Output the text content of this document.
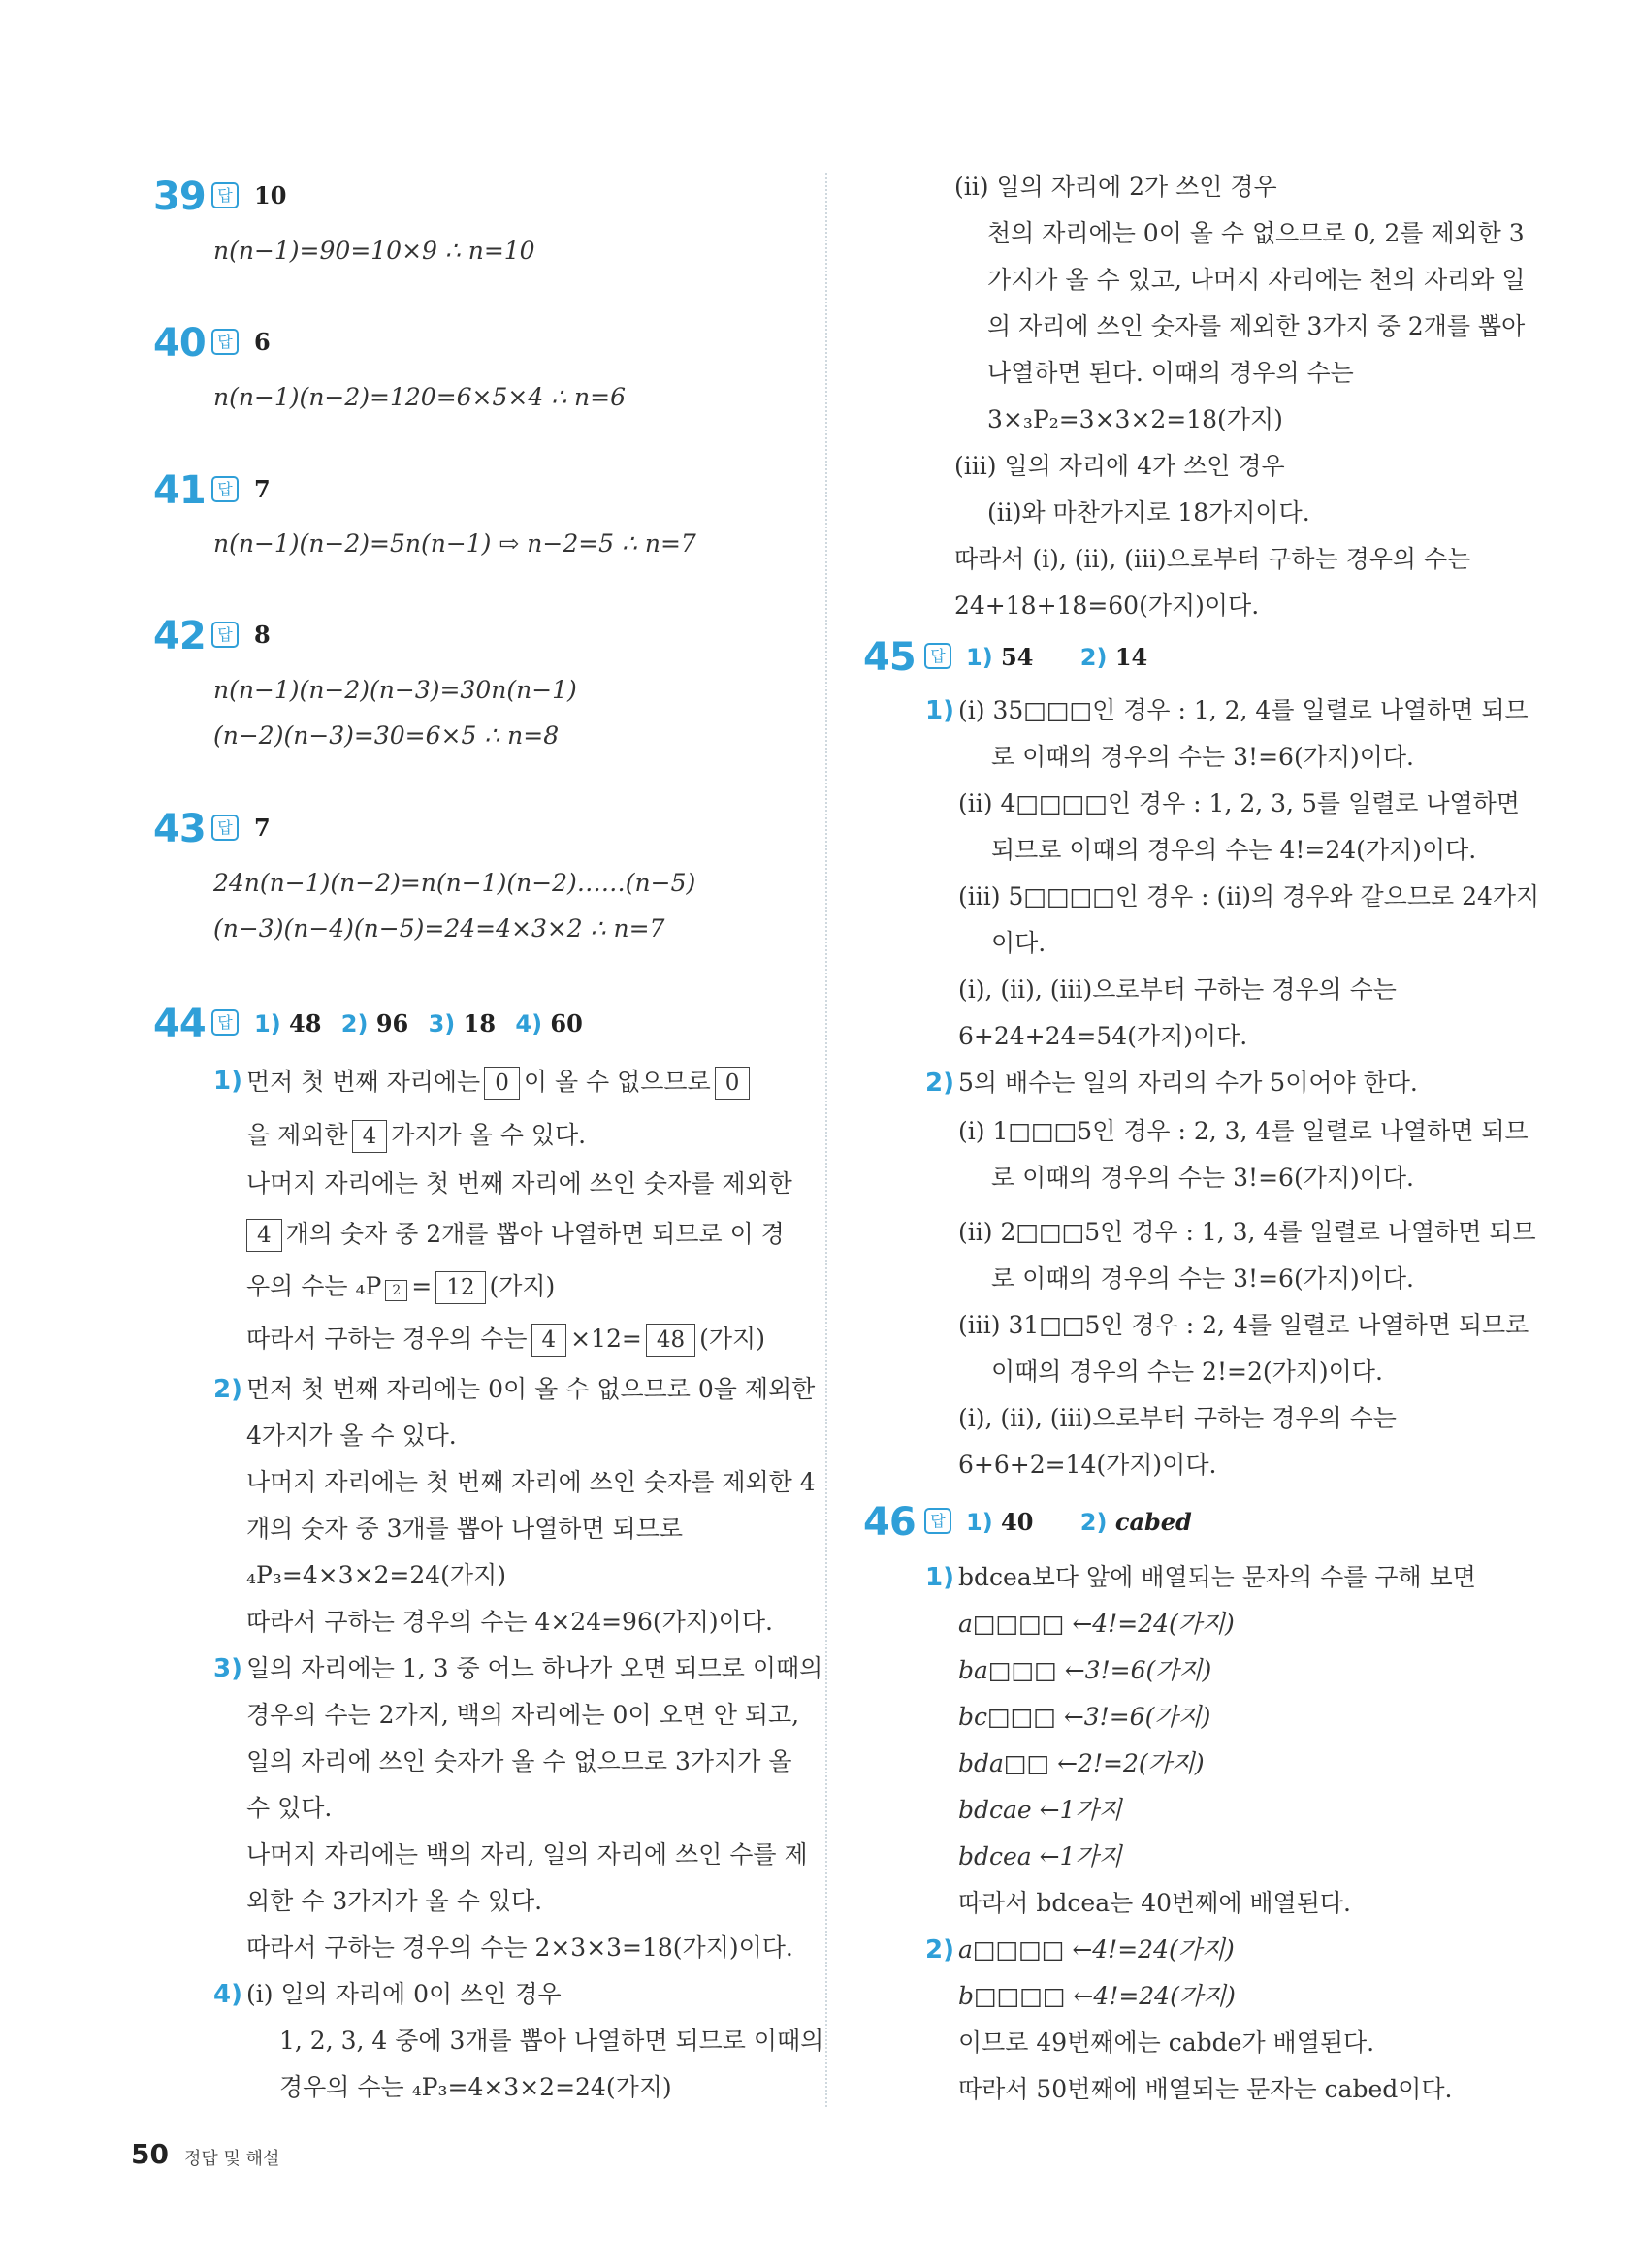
39 답 10
n(n−1)=90=10×9 ∴ n=10
40 답 6
n(n−1)(n−2)=120=6×5×4 ∴ n=6
41 답 7
n(n−1)(n−2)=5n(n−1) ⇨ n−2=5 ∴ n=7
42 답 8
n(n−1)(n−2)(n−3)=30n(n−1)
(n−2)(n−3)=30=6×5 ∴ n=8
43 답 7
24n(n−1)(n−2)=n(n−1)(n−2)……(n−5)
(n−3)(n−4)(n−5)=24=4×3×2 ∴ n=7
44 답 1) 48 2) 96 3) 18 4) 60
1) 먼저 첫 번째 자리에는 0 이 올 수 없으므로 0
을 제외한 4 가지가 올 수 있다.
나머지 자리에는 첫 번째 자리에 쓰인 숫자를 제외한
4 개의 숫자 중 2개를 뽑아 나열하면 되므로 이 경
우의 수는 ₄P 2 = 12 (가지)
따라서 구하는 경우의 수는 4 ×12= 48 (가지)
2) 먼저 첫 번째 자리에는 0이 올 수 없으므로 0을 제외한
4가지가 올 수 있다.
나머지 자리에는 첫 번째 자리에 쓰인 숫자를 제외한 4
개의 숫자 중 3개를 뽑아 나열하면 되므로
₄P₃=4×3×2=24(가지)
따라서 구하는 경우의 수는 4×24=96(가지)이다.
3) 일의 자리에는 1, 3 중 어느 하나가 오면 되므로 이때의
경우의 수는 2가지, 백의 자리에는 0이 오면 안 되고,
일의 자리에 쓰인 숫자가 올 수 없으므로 3가지가 올
수 있다.
나머지 자리에는 백의 자리, 일의 자리에 쓰인 수를 제
외한 수 3가지가 올 수 있다.
따라서 구하는 경우의 수는 2×3×3=18(가지)이다.
4) (ⅰ) 일의 자리에 0이 쓰인 경우
1, 2, 3, 4 중에 3개를 뽑아 나열하면 되므로 이때의
경우의 수는 ₄P₃=4×3×2=24(가지)
(ⅱ) 일의 자리에 2가 쓰인 경우
천의 자리에는 0이 올 수 없으므로 0, 2를 제외한 3
가지가 올 수 있고, 나머지 자리에는 천의 자리와 일
의 자리에 쓰인 숫자를 제외한 3가지 중 2개를 뽑아
나열하면 된다. 이때의 경우의 수는
3×₃P₂=3×3×2=18(가지)
(ⅲ) 일의 자리에 4가 쓰인 경우
(ⅱ)와 마찬가지로 18가지이다.
따라서 (ⅰ), (ⅱ), (ⅲ)으로부터 구하는 경우의 수는
24+18+18=60(가지)이다.
45 답 1) 54 2) 14
1) (ⅰ) 35□□□인 경우 : 1, 2, 4를 일렬로 나열하면 되므
로 이때의 경우의 수는 3!=6(가지)이다.
(ⅱ) 4□□□□인 경우 : 1, 2, 3, 5를 일렬로 나열하면
되므로 이때의 경우의 수는 4!=24(가지)이다.
(ⅲ) 5□□□□인 경우 : (ⅱ)의 경우와 같으므로 24가지
이다.
(ⅰ), (ⅱ), (ⅲ)으로부터 구하는 경우의 수는
6+24+24=54(가지)이다.
2) 5의 배수는 일의 자리의 수가 5이어야 한다.
(ⅰ) 1□□□5인 경우 : 2, 3, 4를 일렬로 나열하면 되므
로 이때의 경우의 수는 3!=6(가지)이다.
(ⅱ) 2□□□5인 경우 : 1, 3, 4를 일렬로 나열하면 되므
로 이때의 경우의 수는 3!=6(가지)이다.
(ⅲ) 31□□5인 경우 : 2, 4를 일렬로 나열하면 되므로
이때의 경우의 수는 2!=2(가지)이다.
(ⅰ), (ⅱ), (ⅲ)으로부터 구하는 경우의 수는
6+6+2=14(가지)이다.
46 답 1) 40 2) cabed
1) bdcea보다 앞에 배열되는 문자의 수를 구해 보면
a□□□□ ←4!=24(가지)
ba□□□ ←3!=6(가지)
bc□□□ ←3!=6(가지)
bda□□ ←2!=2(가지)
bdcae ←1가지
bdcea ←1가지
따라서 bdcea는 40번째에 배열된다.
2) a□□□□ ←4!=24(가지)
b□□□□ ←4!=24(가지)
이므로 49번째에는 cabde가 배열된다.
따라서 50번째에 배열되는 문자는 cabed이다.
50 정답 및 해설
